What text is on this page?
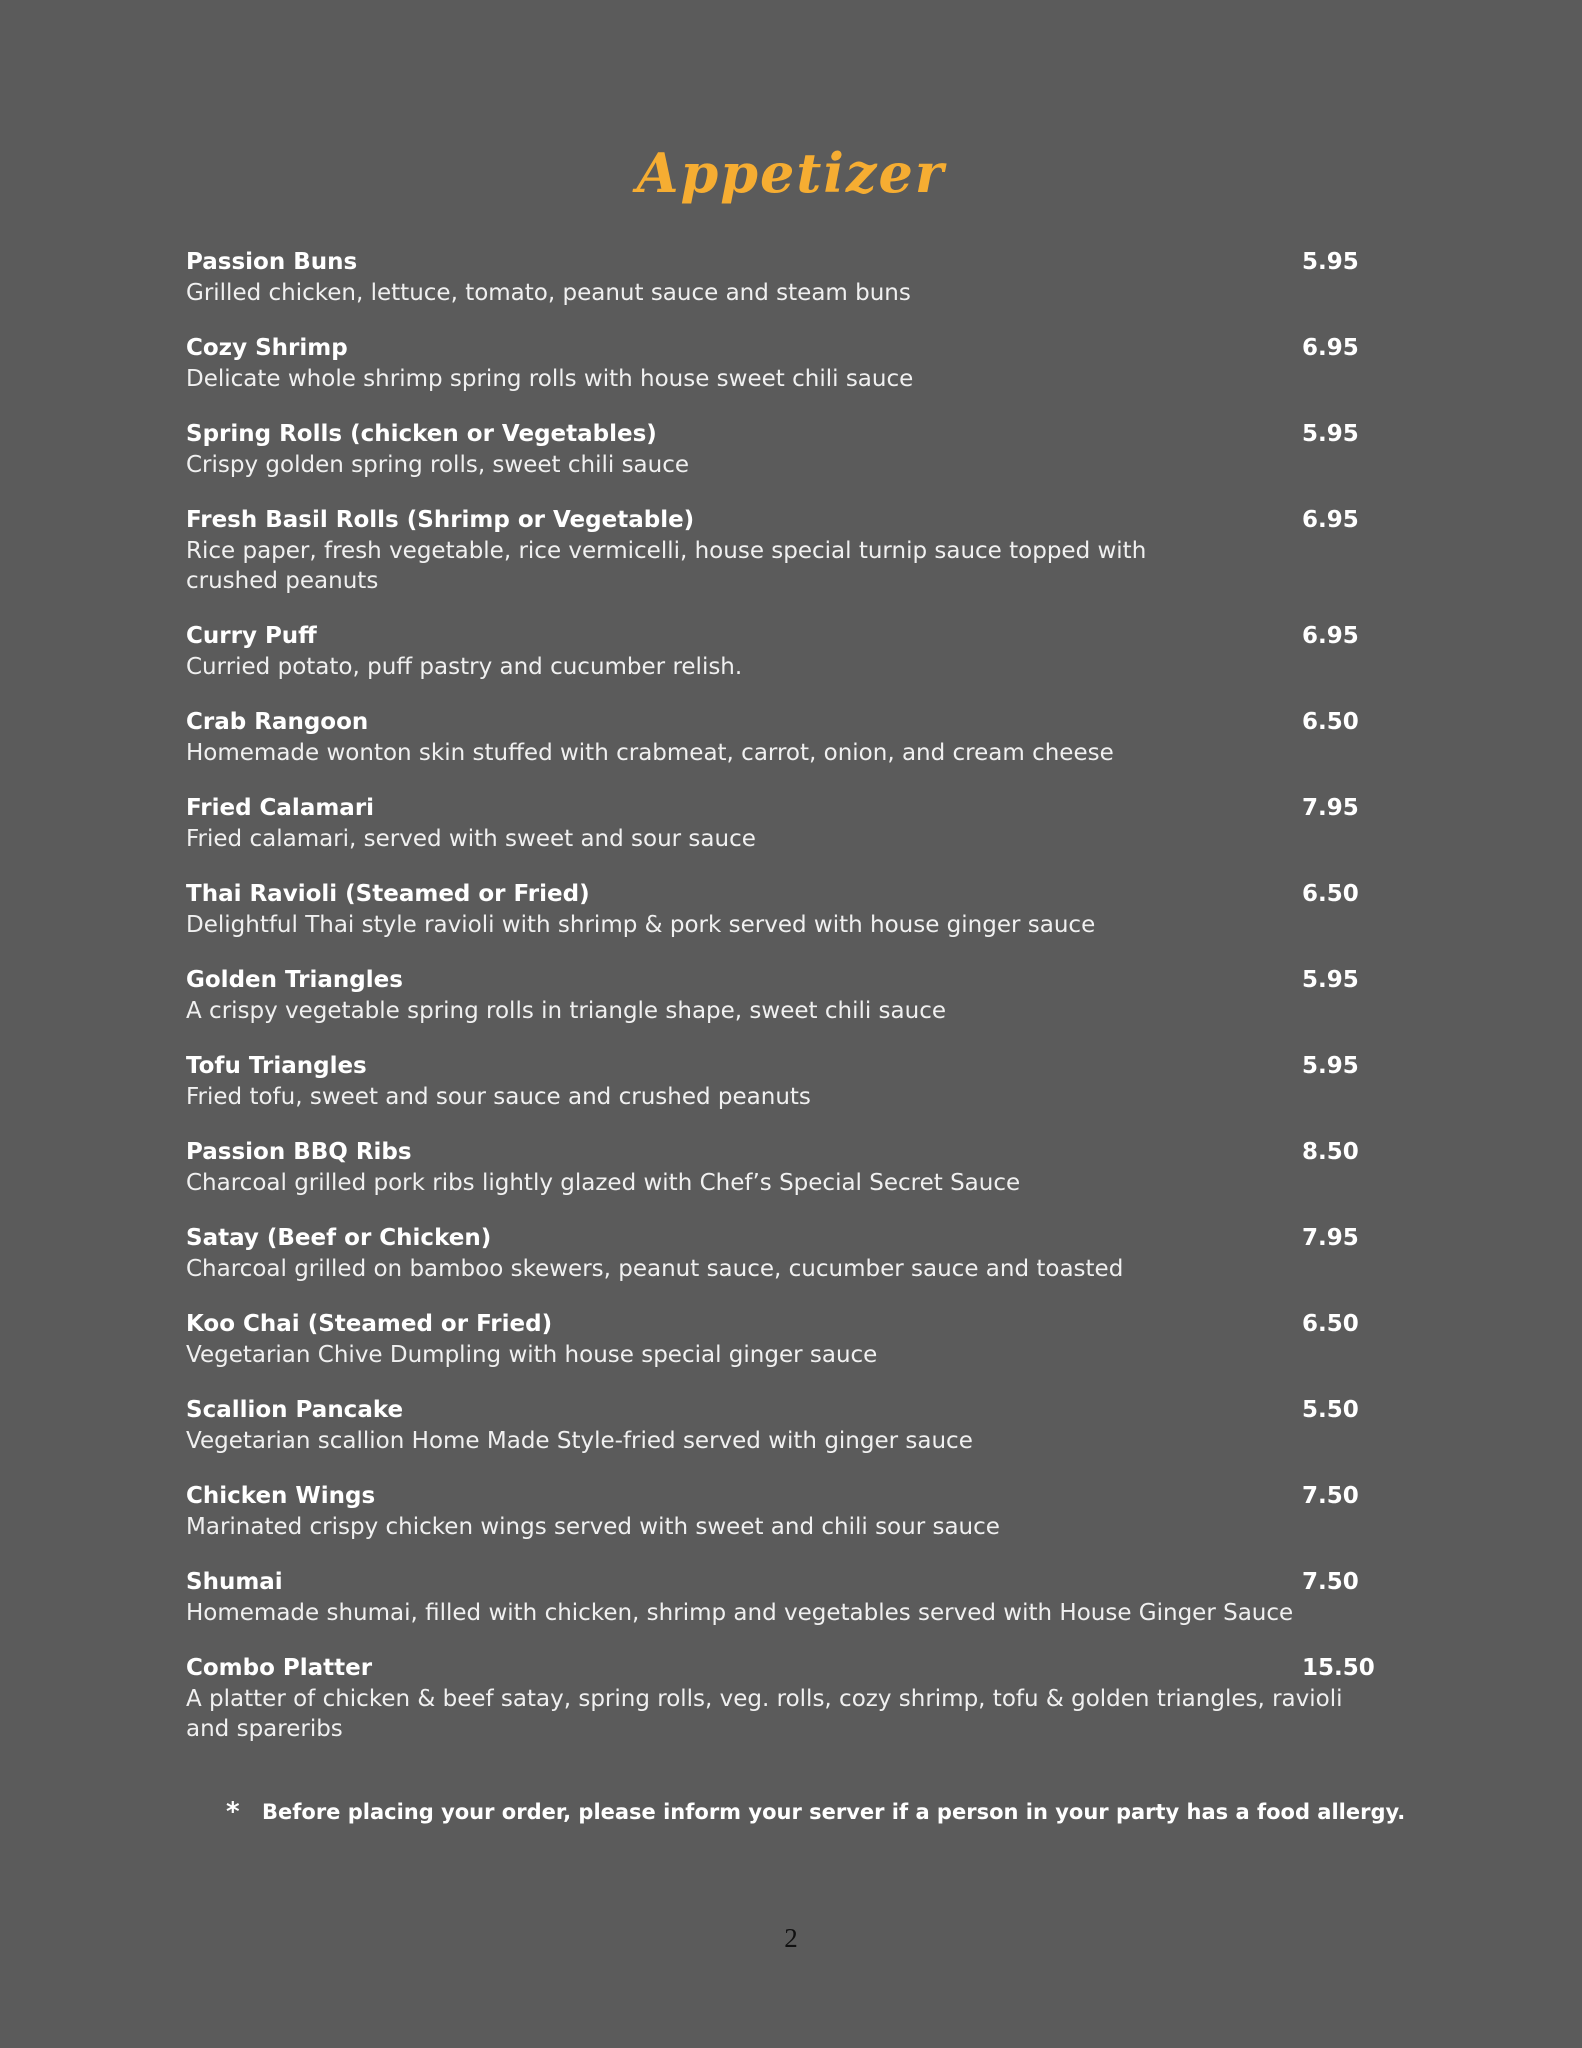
Appetizer
Passion Buns	5.95
Grilled chicken, lettuce, tomato, peanut sauce and steam buns
Cozy Shrimp	6.95
Delicate whole shrimp spring rolls with house sweet chili sauce
Spring Rolls (chicken or Vegetables)	5.95
Crispy golden spring rolls, sweet chili sauce
Fresh Basil Rolls (Shrimp or Vegetable)	6.95
Rice paper, fresh vegetable, rice vermicelli, house special turnip sauce topped with crushed peanuts
Curry Puff	6.95
Curried potato, puff pastry and cucumber relish.
Crab Rangoon	6.50
Homemade wonton skin stuffed with crabmeat, carrot, onion, and cream cheese
Fried Calamari	7.95
Fried calamari, served with sweet and sour sauce
Thai Ravioli (Steamed or Fried)	6.50
Delightful Thai style ravioli with shrimp & pork served with house ginger sauce
Golden Triangles	5.95
A crispy vegetable spring rolls in triangle shape, sweet chili sauce
Tofu Triangles	5.95
Fried tofu, sweet and sour sauce and crushed peanuts
Passion BBQ Ribs	8.50
Charcoal grilled pork ribs lightly glazed with Chef’s Special Secret Sauce
Satay (Beef or Chicken)	7.95
Charcoal grilled on bamboo skewers, peanut sauce, cucumber sauce and toasted
Koo Chai (Steamed or Fried)	6.50
Vegetarian Chive Dumpling with house special ginger sauce
Scallion Pancake	5.50
Vegetarian scallion Home Made Style-fried served with ginger sauce
Chicken Wings	7.50
Marinated crispy chicken wings served with sweet and chili sour sauce
Shumai	7.50
Homemade shumai, filled with chicken, shrimp and vegetables served with House Ginger Sauce
Combo Platter	15.50
A platter of chicken & beef satay, spring rolls, veg. rolls, cozy shrimp, tofu & golden triangles, ravioli and spareribs
* Before placing your order, please inform your server if a person in your party has a food allergy.
2
